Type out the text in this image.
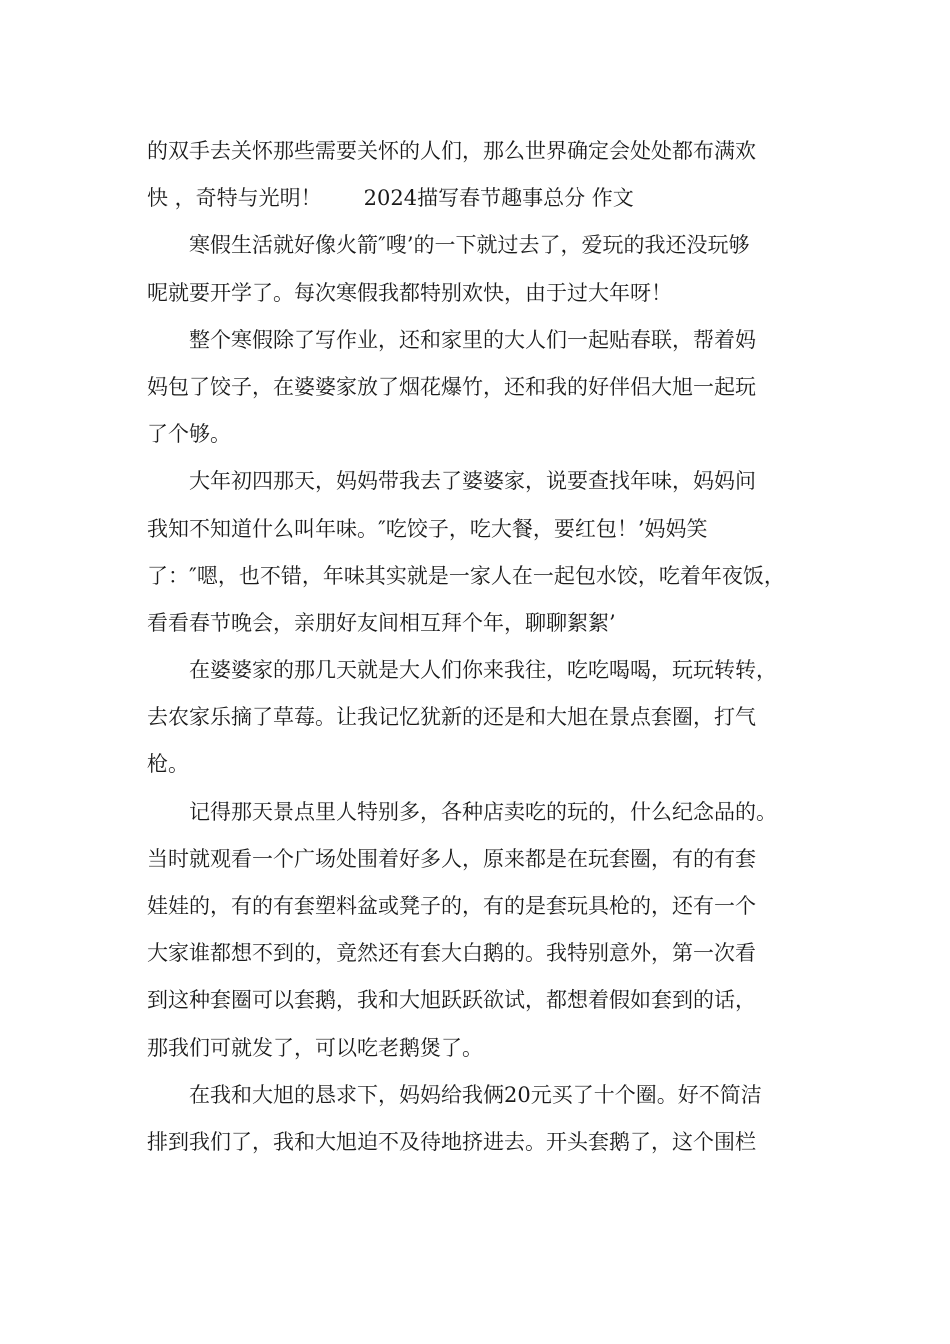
的双手去关怀那些需要关怀的人们，那么世界确定会处处都布满欢
快 ，奇特与光明！　　2024描写春节趣事总分 作文
寒假生活就好像火箭″嗖’的一下就过去了，爱玩的我还没玩够
呢就要开学了。每次寒假我都特别欢快，由于过大年呀！
整个寒假除了写作业，还和家里的大人们一起贴春联，帮着妈
妈包了饺子，在婆婆家放了烟花爆竹，还和我的好伴侣大旭一起玩
了个够。
大年初四那天，妈妈带我去了婆婆家，说要查找年味，妈妈问
我知不知道什么叫年味。″吃饺子，吃大餐，要红包！’妈妈笑
了：″嗯，也不错，年味其实就是一家人在一起包水饺，吃着年夜饭，
看看春节晚会，亲朋好友间相互拜个年，聊聊絮絮’
在婆婆家的那几天就是大人们你来我往，吃吃喝喝，玩玩转转，
去农家乐摘了草莓。让我记忆犹新的还是和大旭在景点套圈，打气
枪。
记得那天景点里人特别多，各种店卖吃的玩的，什么纪念品的。
当时就观看一个广场处围着好多人，原来都是在玩套圈，有的有套
娃娃的，有的有套塑料盆或凳子的，有的是套玩具枪的，还有一个
大家谁都想不到的，竟然还有套大白鹅的。我特别意外，第一次看
到这种套圈可以套鹅，我和大旭跃跃欲试，都想着假如套到的话，
那我们可就发了，可以吃老鹅煲了。
在我和大旭的恳求下，妈妈给我俩20元买了十个圈。好不简洁
排到我们了，我和大旭迫不及待地挤进去。开头套鹅了，这个围栏
